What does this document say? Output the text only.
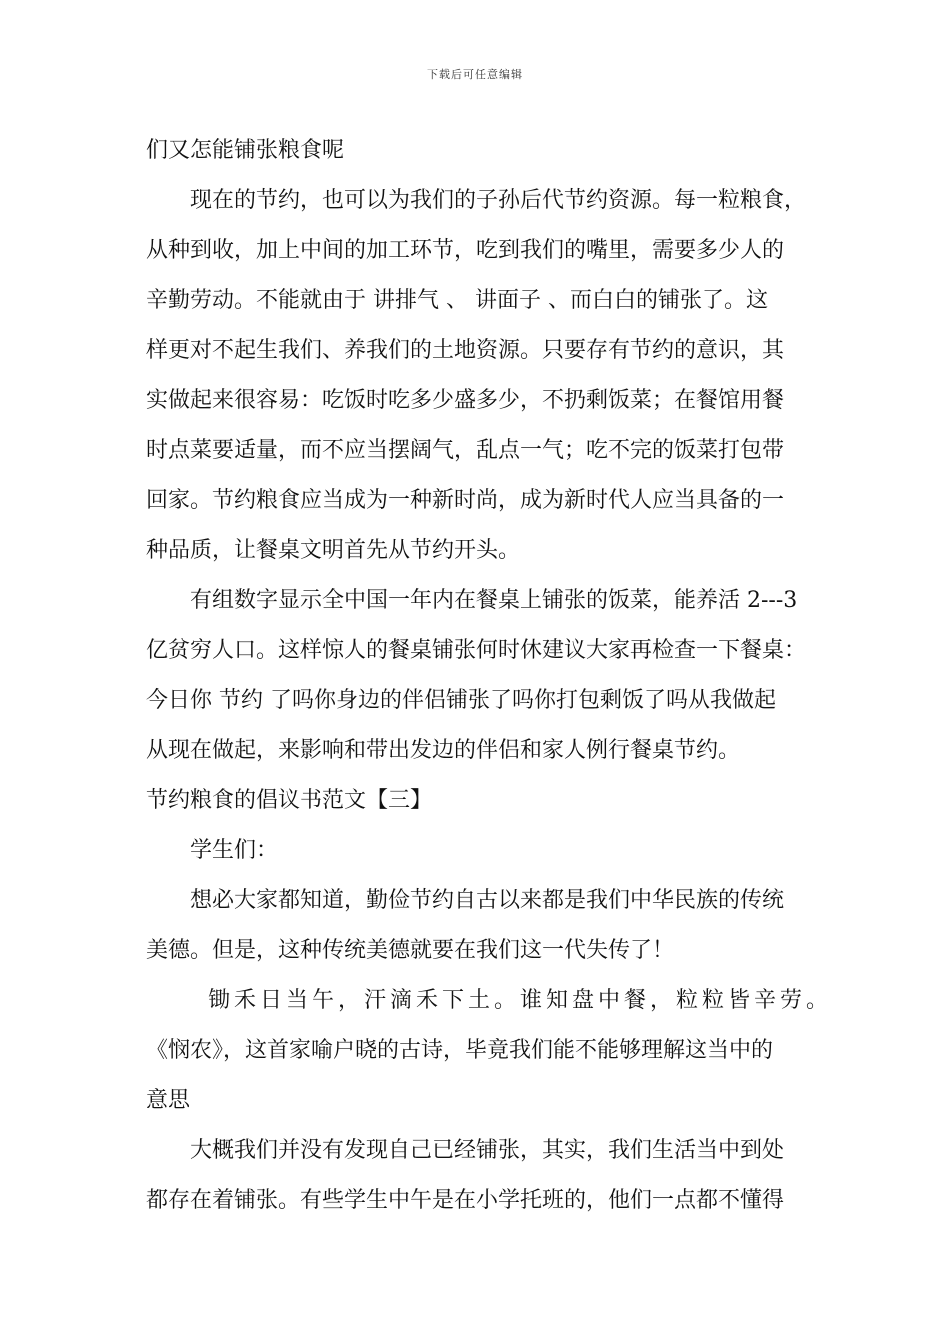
下载后可任意编辑
们又怎能铺张粮食呢
现在的节约，也可以为我们的子孙后代节约资源。每一粒粮食，
从种到收，加上中间的加工环节，吃到我们的嘴里，需要多少人的
辛勤劳动。不能就由于 讲排气 、 讲面子 、而白白的铺张了。这
样更对不起生我们、养我们的土地资源。只要存有节约的意识，其
实做起来很容易：吃饭时吃多少盛多少，不扔剩饭菜；在餐馆用餐
时点菜要适量，而不应当摆阔气，乱点一气；吃不完的饭菜打包带
回家。节约粮食应当成为一种新时尚，成为新时代人应当具备的一
种品质，让餐桌文明首先从节约开头。
有组数字显示全中国一年内在餐桌上铺张的饭菜，能养活 2---3
亿贫穷人口。这样惊人的餐桌铺张何时休建议大家再检查一下餐桌：
今日你 节约 了吗你身边的伴侣铺张了吗你打包剩饭了吗从我做起
从现在做起，来影响和带出发边的伴侣和家人例行餐桌节约。
节约粮食的倡议书范文【三】
学生们：
想必大家都知道，勤俭节约自古以来都是我们中华民族的传统
美德。但是，这种传统美德就要在我们这一代失传了！
锄禾日当午，汗滴禾下土。谁知盘中餐，粒粒皆辛劳。
《悯农》，这首家喻户晓的古诗，毕竟我们能不能够理解这当中的
意思
大概我们并没有发现自己已经铺张，其实，我们生活当中到处
都存在着铺张。有些学生中午是在小学托班的，他们一点都不懂得
